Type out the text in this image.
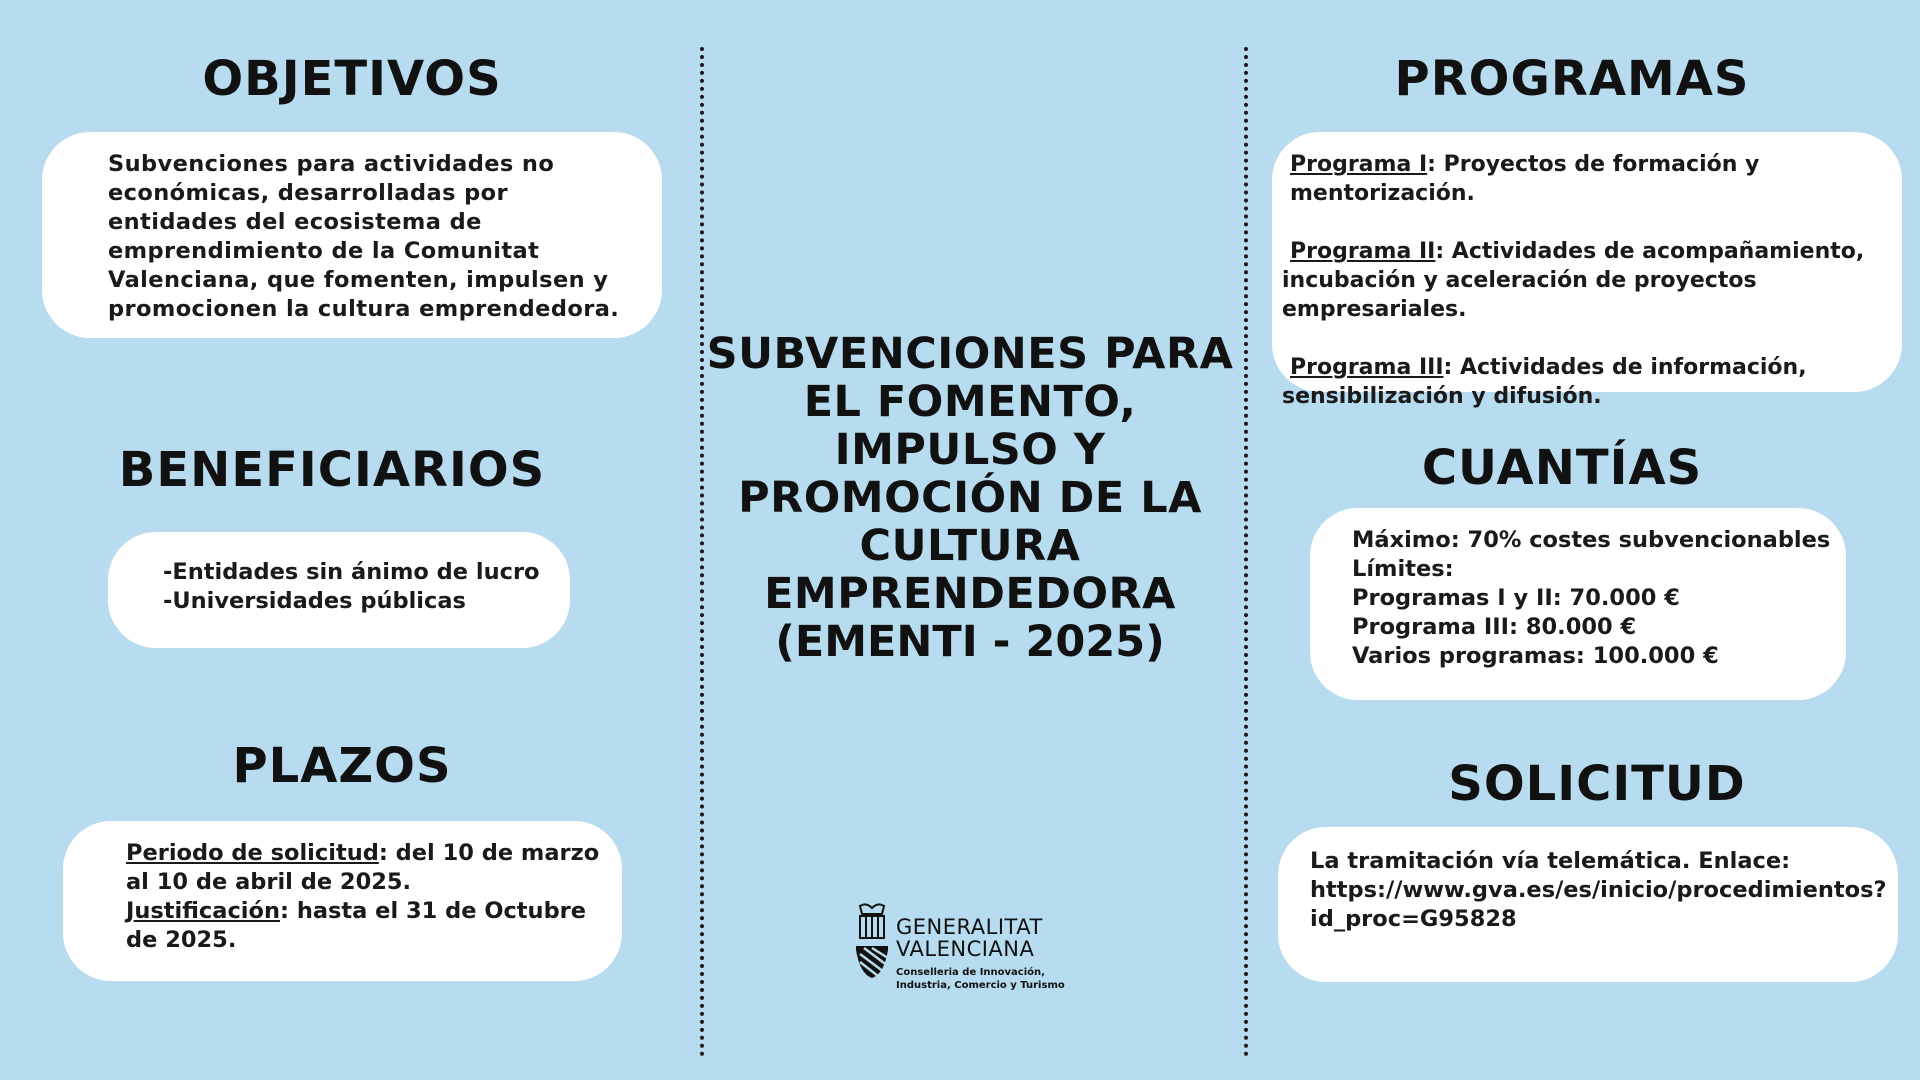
OBJETIVOS

Subvenciones para actividades no económicas, desarrolladas por entidades del ecosistema de emprendimiento de la Comunitat Valenciana, que fomenten, impulsen y promocionen la cultura emprendedora.

BENEFICIARIOS

-Entidades sin ánimo de lucro

-Universidades públicas

PLAZOS

Periodo de solicitud: del 10 de marzo al 10 de abril de 2025.

Justificación: hasta el 31 de Octubre de 2025.

SUBVENCIONES PARA EL FOMENTO, IMPULSO Y PROMOCIÓN DE LA CULTURA EMPRENDEDORA
(EMENTI - 2025)
GENERALITAT
VALENCIANA
Conselleria de Innovación,
Industria, Comercio y Turismo
PROGRAMAS

Programa I: Proyectos de formación y mentorización.

Programa II: Actividades de acompañamiento, incubación y aceleración de proyectos empresariales.

Programa III: Actividades de información, sensibilización y difusión.

CUANTÍAS

Máximo: 70% costes subvencionables

Límites:

Programas I y II: 70.000 €

Programa III: 80.000 €

Varios programas: 100.000 €

SOLICITUD

La tramitación vía telemática. Enlace:

https://www.gva.es/es/inicio/procedimientos?

id_proc=G95828
